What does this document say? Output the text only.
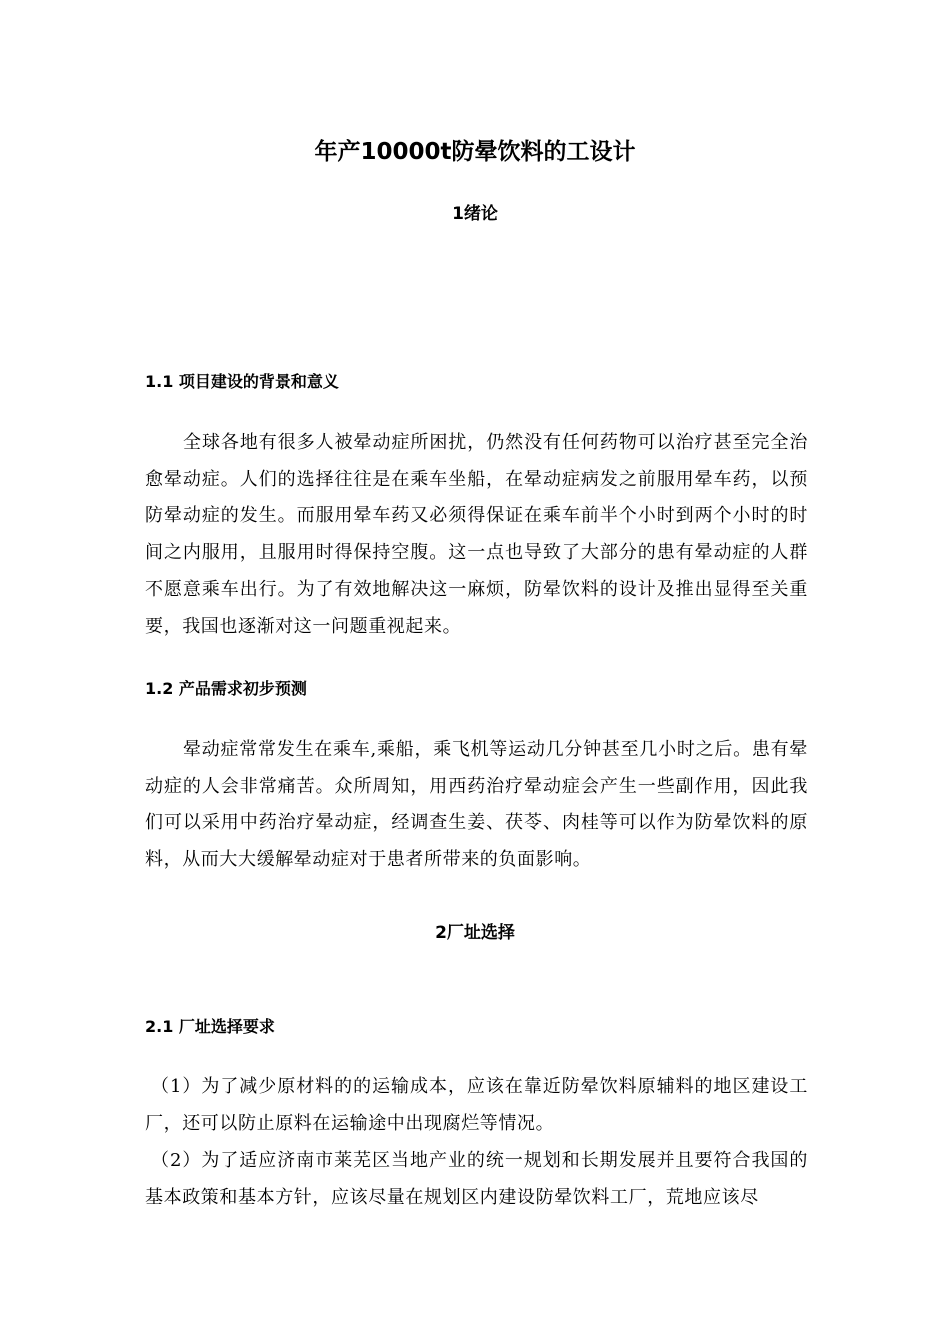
年产10000t防晕饮料的工设计
1绪论
1.1 项目建设的背景和意义

全球各地有很多人被晕动症所困扰，仍然没有任何药物可以治疗甚至完全治愈晕动症。人们的选择往往是在乘车坐船，在晕动症病发之前服用晕车药，以预防晕动症的发生。而服用晕车药又必须得保证在乘车前半个小时到两个小时的时间之内服用，且服用时得保持空腹。这一点也导致了大部分的患有晕动症的人群不愿意乘车出行。为了有效地解决这一麻烦，防晕饮料的设计及推出显得至关重要，我国也逐渐对这一问题重视起来。

1.2 产品需求初步预测

晕动症常常发生在乘车,乘船，乘飞机等运动几分钟甚至几小时之后。患有晕动症的人会非常痛苦。众所周知，用西药治疗晕动症会产生一些副作用，因此我们可以采用中药治疗晕动症，经调查生姜、茯苓、肉桂等可以作为防晕饮料的原料，从而大大缓解晕动症对于患者所带来的负面影响。

2厂址选择
2.1 厂址选择要求

（1）为了减少原材料的的运输成本，应该在靠近防晕饮料原辅料的地区建设工厂，还可以防止原料在运输途中出现腐烂等情况。

（2）为了适应济南市莱芜区当地产业的统一规划和长期发展并且要符合我国的基本政策和基本方针，应该尽量在规划区内建设防晕饮料工厂，荒地应该尽
